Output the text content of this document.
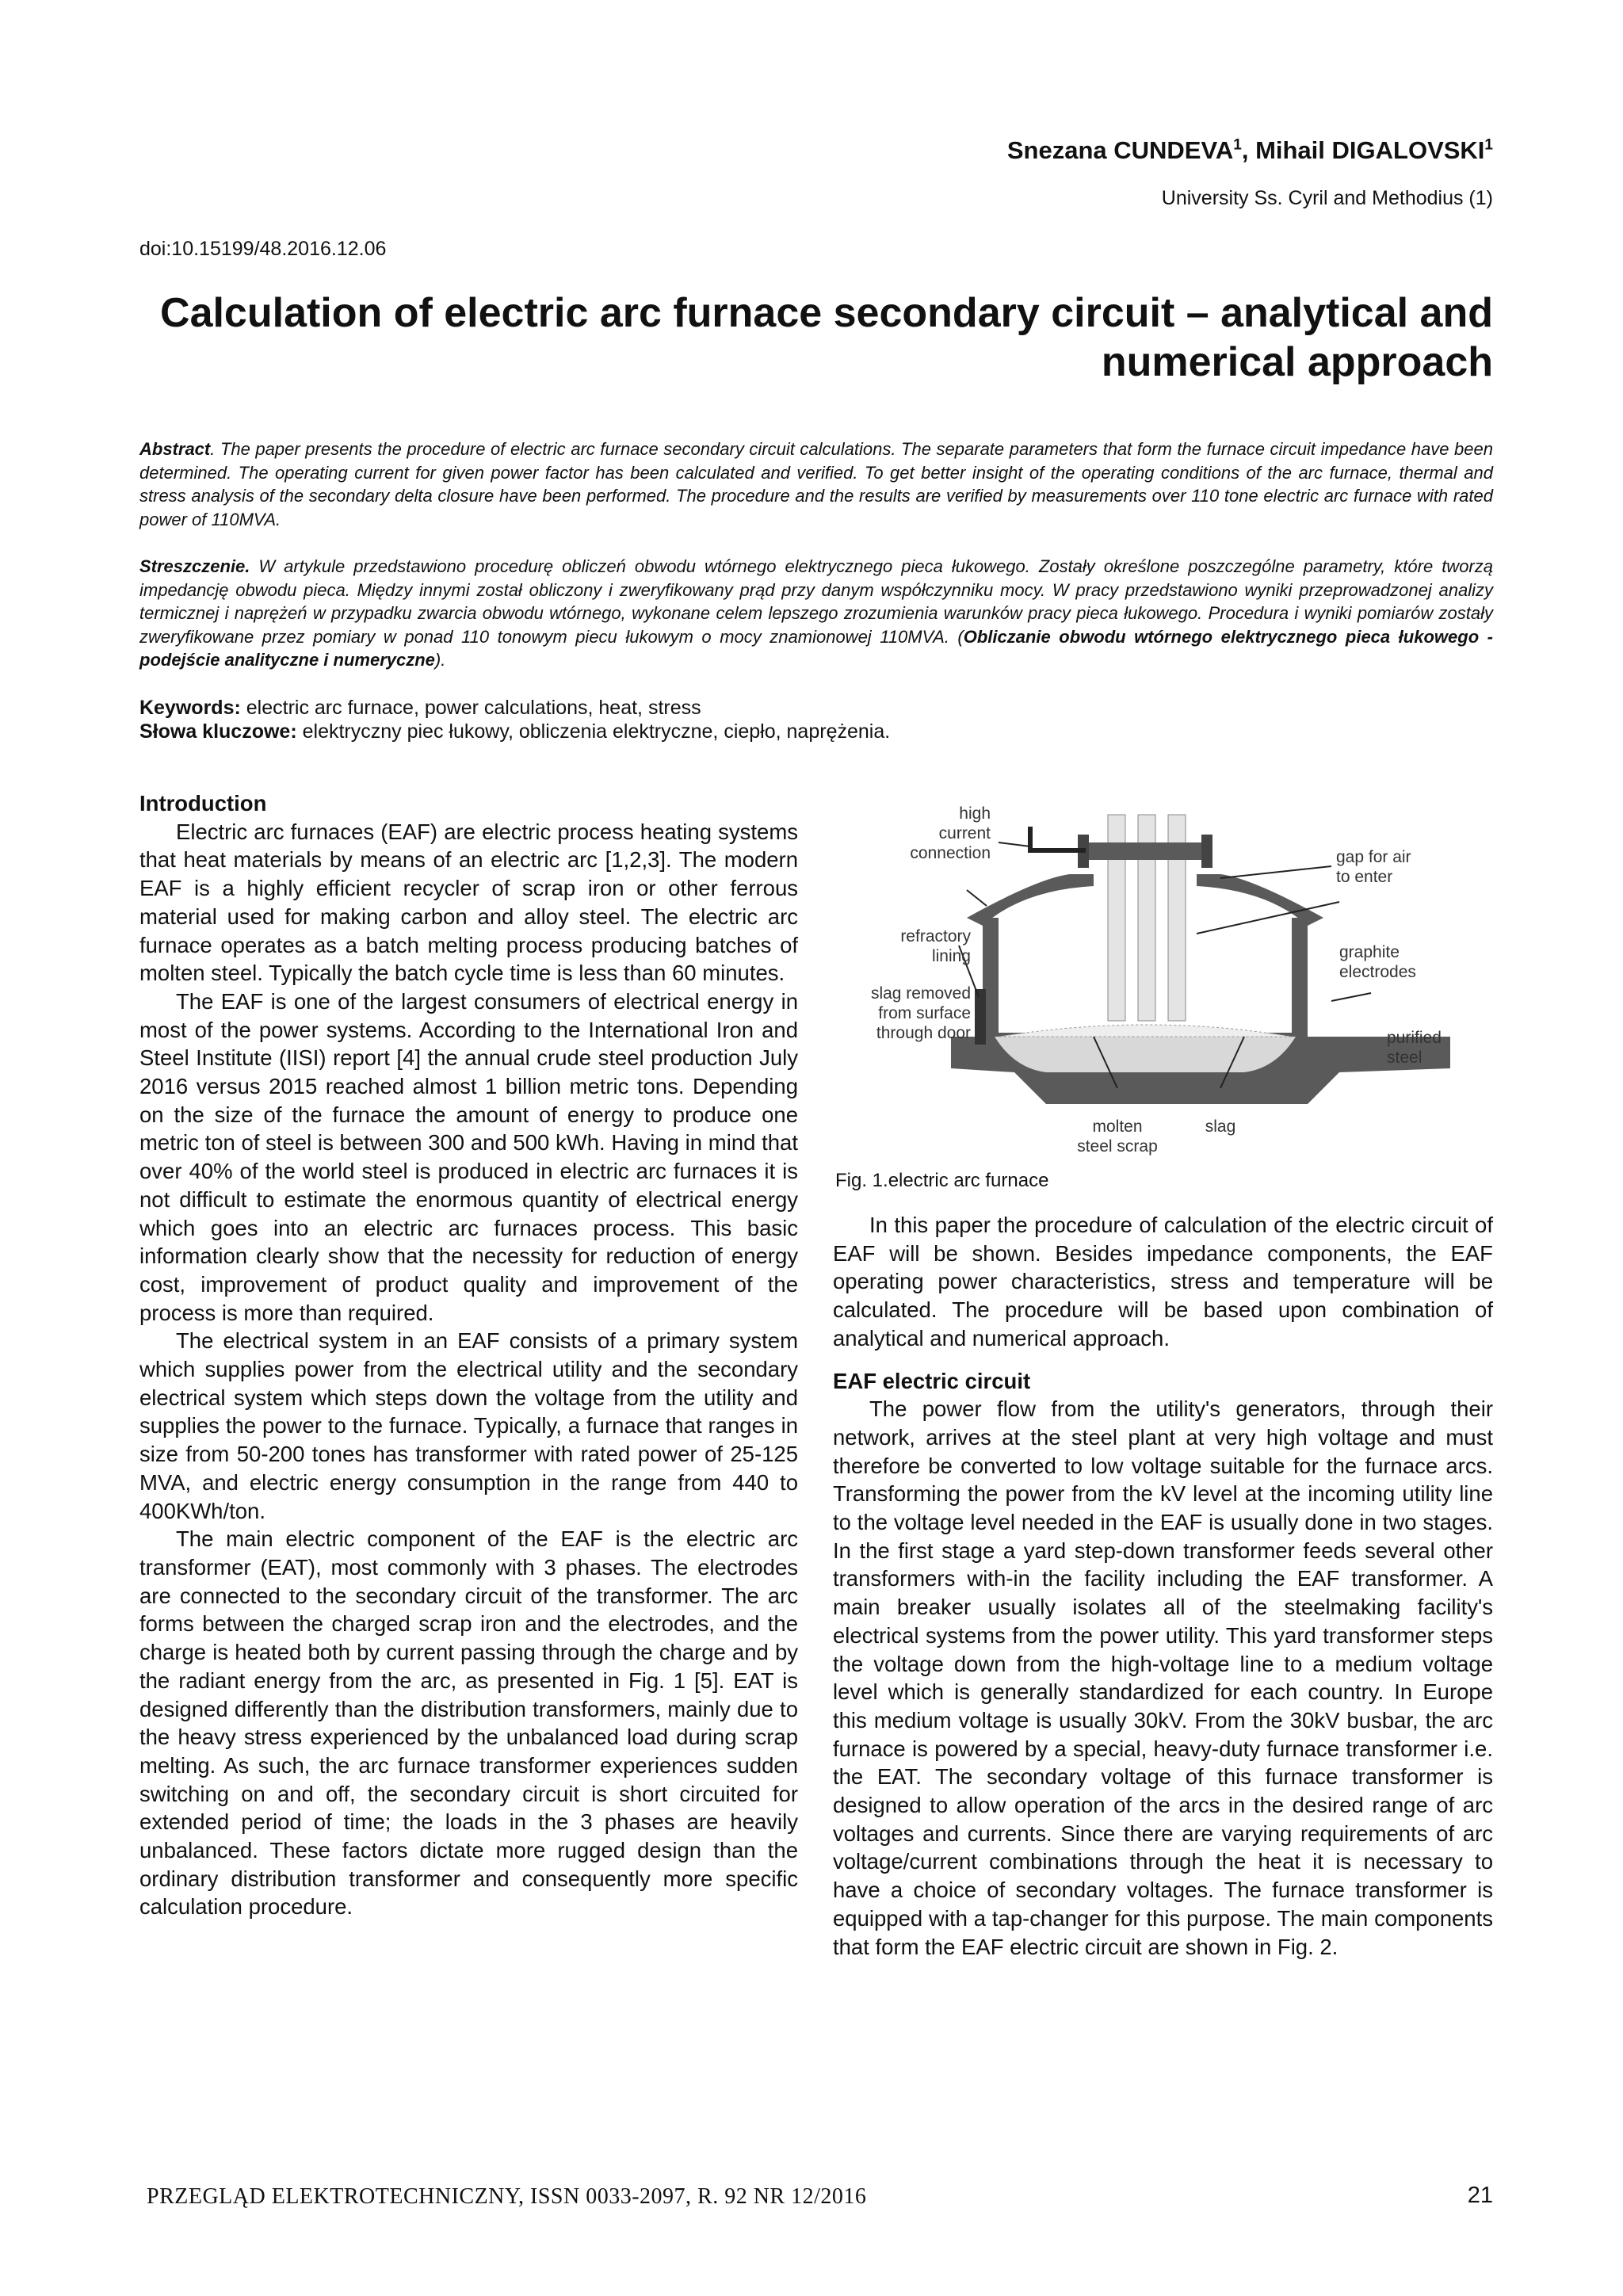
Snezana CUNDEVA$^1$, Mihail DIGALOVSKI$^1$
University Ss. Cyril and Methodius (1)
doi:10.15199/48.2016.12.06
Calculation of electric arc furnace secondary circuit – analytical and numerical approach
Abstract. The paper presents the procedure of electric arc furnace secondary circuit calculations. The separate parameters that form the furnace circuit impedance have been determined. The operating current for given power factor has been calculated and verified. To get better insight of the operating conditions of the arc furnace, thermal and stress analysis of the secondary delta closure have been performed. The procedure and the results are verified by measurements over 110 tone electric arc furnace with rated power of 110MVA.
Streszczenie. W artykule przedstawiono procedurę obliczeń obwodu wtórnego elektrycznego pieca łukowego. Zostały określone poszczególne parametry, które tworzą impedancję obwodu pieca. Między innymi został obliczony i zweryfikowany prąd przy danym współczynniku mocy. W pracy przedstawiono wyniki przeprowadzonej analizy termicznej i naprężeń w przypadku zwarcia obwodu wtórnego, wykonane celem lepszego zrozumienia warunków pracy pieca łukowego. Procedura i wyniki pomiarów zostały zweryfikowane przez pomiary w ponad 110 tonowym piecu łukowym o mocy znamionowej 110MVA. (Obliczanie obwodu wtórnego elektrycznego pieca łukowego - podejście analityczne i numeryczne).
Keywords: electric arc furnace, power calculations, heat, stress
Słowa kluczowe: elektryczny piec łukowy, obliczenia elektryczne, ciepło, naprężenia.
Introduction

Electric arc furnaces (EAF) are electric process heating systems that heat materials by means of an electric arc [1,2,3]. The modern EAF is a highly efficient recycler of scrap iron or other ferrous material used for making carbon and alloy steel. The electric arc furnace operates as a batch melting process producing batches of molten steel. Typically the batch cycle time is less than 60 minutes.

The EAF is one of the largest consumers of electrical energy in most of the power systems. According to the International Iron and Steel Institute (IISI) report [4] the annual crude steel production July 2016 versus 2015 reached almost 1 billion metric tons. Depending on the size of the furnace the amount of energy to produce one metric ton of steel is between 300 and 500 kWh. Having in mind that over 40% of the world steel is produced in electric arc furnaces it is not difficult to estimate the enormous quantity of electrical energy which goes into an electric arc furnaces process. This basic information clearly show that the necessity for reduction of energy cost, improvement of product quality and improvement of the process is more than required.

The electrical system in an EAF consists of a primary system which supplies power from the electrical utility and the secondary electrical system which steps down the voltage from the utility and supplies the power to the furnace. Typically, a furnace that ranges in size from 50-200 tones has transformer with rated power of 25-125 MVA, and electric energy consumption in the range from 440 to 400KWh/ton.

The main electric component of the EAF is the electric arc transformer (EAT), most commonly with 3 phases. The electrodes are connected to the secondary circuit of the transformer. The arc forms between the charged scrap iron and the electrodes, and the charge is heated both by current passing through the charge and by the radiant energy from the arc, as presented in Fig. 1 [5]. EAT is designed differently than the distribution transformers, mainly due to the heavy stress experienced by the unbalanced load during scrap melting. As such, the arc furnace transformer experiences sudden switching on and off, the secondary circuit is short circuited for extended period of time; the loads in the 3 phases are heavily unbalanced. These factors dictate more rugged design than the ordinary distribution transformer and consequently more specific calculation procedure.

high
current
connection	gap for air
to enter
refractory
lining	graphite
electrodes
slag removed
from surface
through door	purified
steel
molten
steel scrap
slag
Fig. 1.electric arc furnace

In this paper the procedure of calculation of the electric circuit of EAF will be shown. Besides impedance components, the EAF operating power characteristics, stress and temperature will be calculated. The procedure will be based upon combination of analytical and numerical approach.

EAF electric circuit

The power flow from the utility's generators, through their network, arrives at the steel plant at very high voltage and must therefore be converted to low voltage suitable for the furnace arcs. Transforming the power from the kV level at the incoming utility line to the voltage level needed in the EAF is usually done in two stages. In the first stage a yard step-down transformer feeds several other transformers with-in the facility including the EAF transformer. A main breaker usually isolates all of the steelmaking facility's electrical systems from the power utility. This yard transformer steps the voltage down from the high-voltage line to a medium voltage level which is generally standardized for each country. In Europe this medium voltage is usually 30kV. From the 30kV busbar, the arc furnace is powered by a special, heavy-duty furnace transformer i.e. the EAT. The secondary voltage of this furnace transformer is designed to allow operation of the arcs in the desired range of arc voltages and currents. Since there are varying requirements of arc voltage/current combinations through the heat it is necessary to have a choice of secondary voltages. The furnace transformer is equipped with a tap-changer for this purpose. The main components that form the EAF electric circuit are shown in Fig. 2.

PRZEGLĄD ELEKTROTECHNICZNY, ISSN 0033-2097, R. 92 NR 12/2016	21
